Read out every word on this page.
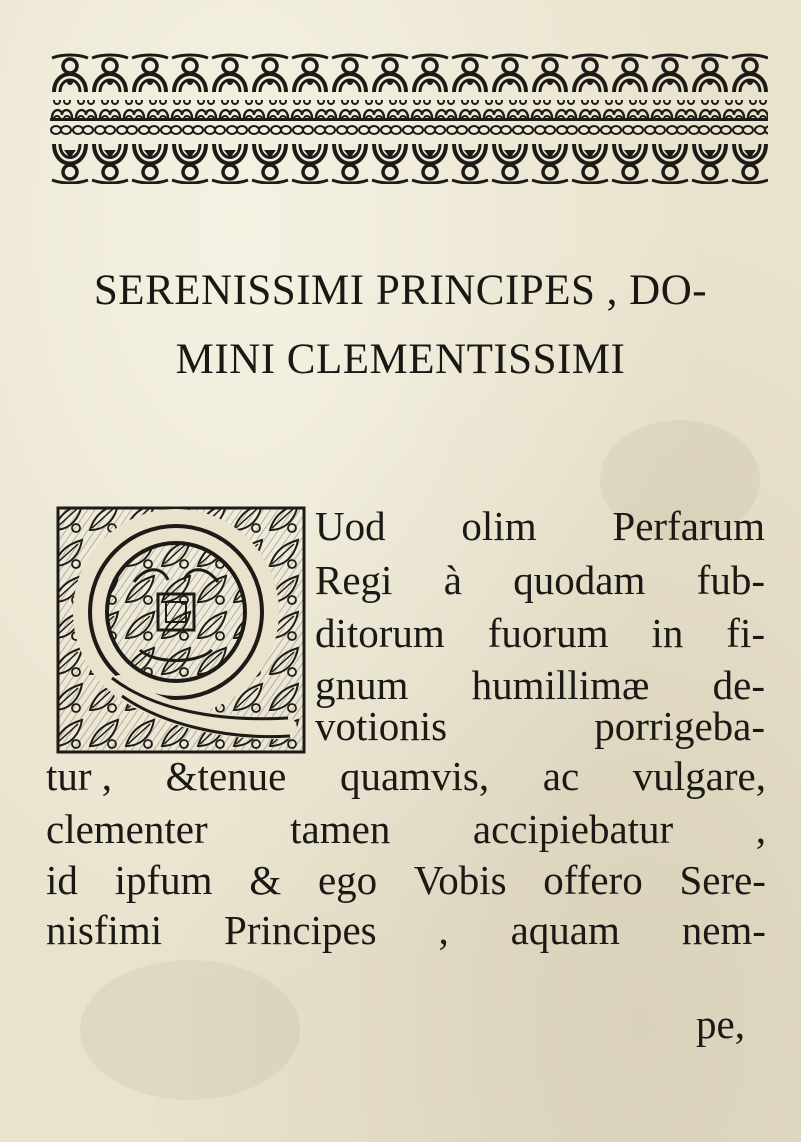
SERENISSIMI PRINCIPES , DO-
MINI CLEMENTISSIMI
Uod olim Perfarum
Regi à quodam fub-
ditorum fuorum in fi-
gnum humillimæ de-
votionis	porrigeba-
tur , &tenue quamvis, ac vulgare,
clementer tamen accipiebatur ,
id ipfum & ego Vobis offero Sere-
nisfimi Principes , aquam nem-
pe,
